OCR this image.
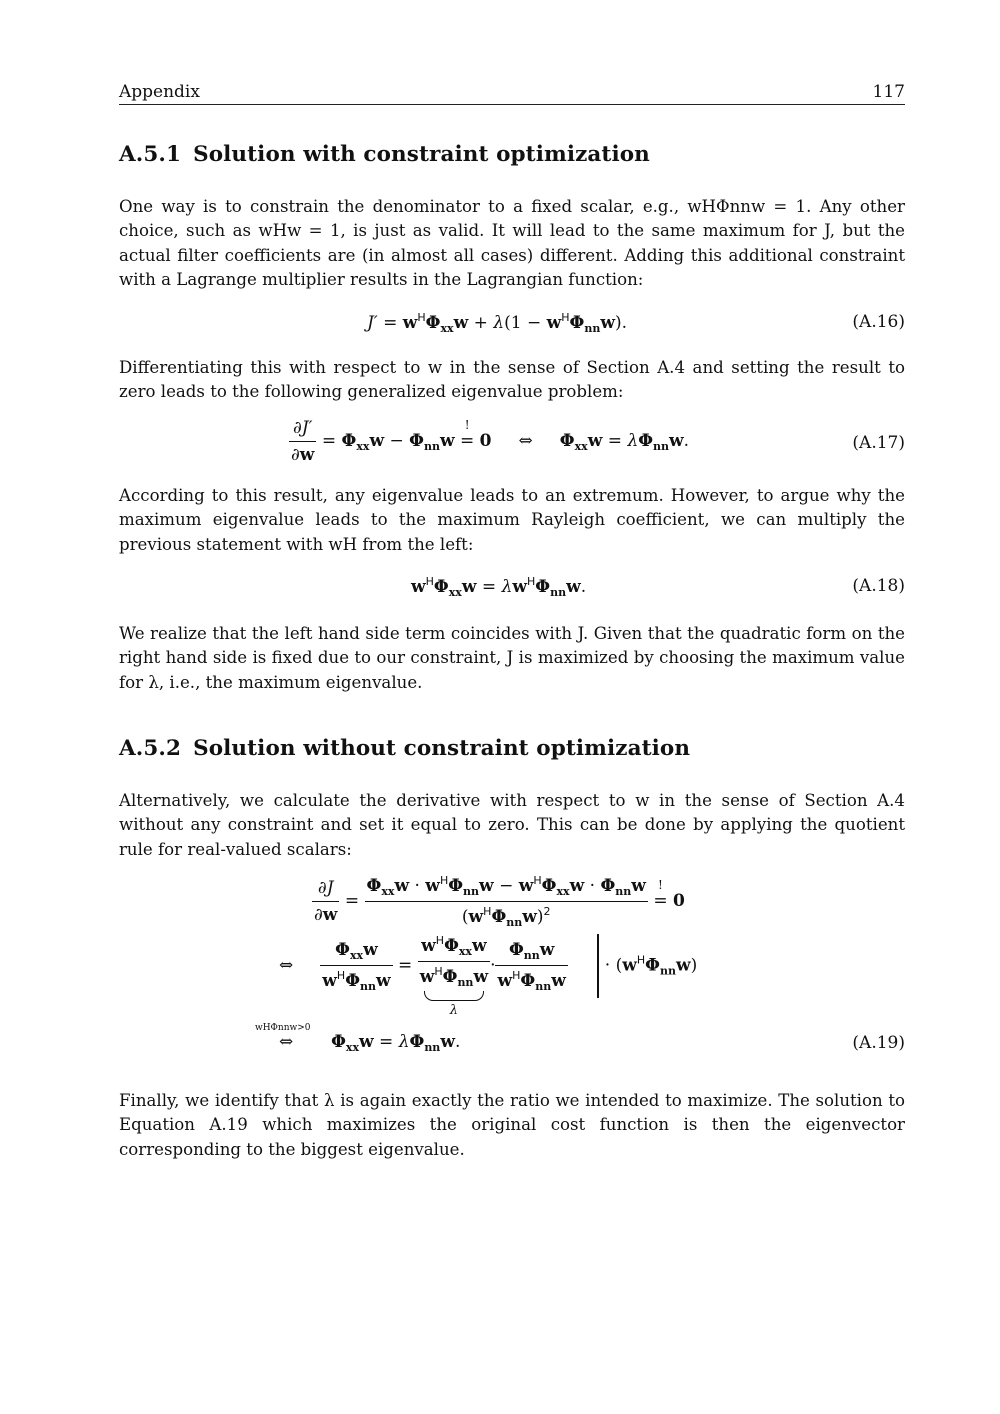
Appendix	117
A.5.1 Solution with constraint optimization

One way is to constrain the denominator to a fixed scalar, e.g., wHΦnnw = 1. Any other choice, such as wHw = 1, is just as valid. It will lead to the same maximum for J, but the actual filter coefficients are (in almost all cases) different. Adding this additional constraint with a Lagrange multiplier results in the Lagrangian function:

$J' = w^H\Phi_{xx}w + \lambda(1 - w^H\Phi_{nn}w)$.	(A.16)

Differentiating this with respect to w in the sense of Section A.4 and setting the result to zero leads to the following generalized eigenvalue problem:

$\frac{\partial J'}{\partial w} = \Phi_{xx}w - \Phi_{nn}w$
!
= 0     ⇔     $\Phi_{xx}w = \lambda\Phi_{nn}w$.	(A.17)

According to this result, any eigenvalue leads to an extremum. However, to argue why the maximum eigenvalue leads to the maximum Rayleigh coefficient, we can multiply the previous statement with wH from the left:

$w^H\Phi_{xx}w = \lambda w^H\Phi_{nn}w$.	(A.18)

We realize that the left hand side term coincides with J. Given that the quadratic form on the right hand side is fixed due to our constraint, J is maximized by choosing the maximum value for λ, i.e., the maximum eigenvalue.

A.5.2 Solution without constraint optimization

Alternatively, we calculate the derivative with respect to w in the sense of Section A.4 without any constraint and set it equal to zero. This can be done by applying the quotient rule for real-valued scalars:

$\frac{\partial J}{\partial w} = \frac{\Phi_{xx}w \cdot w^H\Phi_{nn}w - w^H\Phi_{xx}w \cdot \Phi_{nn}w}{(w^H\Phi_{nn}w)^2}$
!
= 0
⇔ $\frac{\Phi_{xx}w}{w^H\Phi_{nn}w} = \frac{w^H\Phi_{xx}w}{w^H\Phi_{nn}w}$
λ
· $\frac{\Phi_{nn}w}{w^H\Phi_{nn}w} \cdot (w^H\Phi_{nn}w)$
wHΦnnw>0
⇔       $\Phi_{xx}w = \lambda\Phi_{nn}w$.	(A.19)

Finally, we identify that λ is again exactly the ratio we intended to maximize. The solution to Equation A.19 which maximizes the original cost function is then the eigenvector corresponding to the biggest eigenvalue.
